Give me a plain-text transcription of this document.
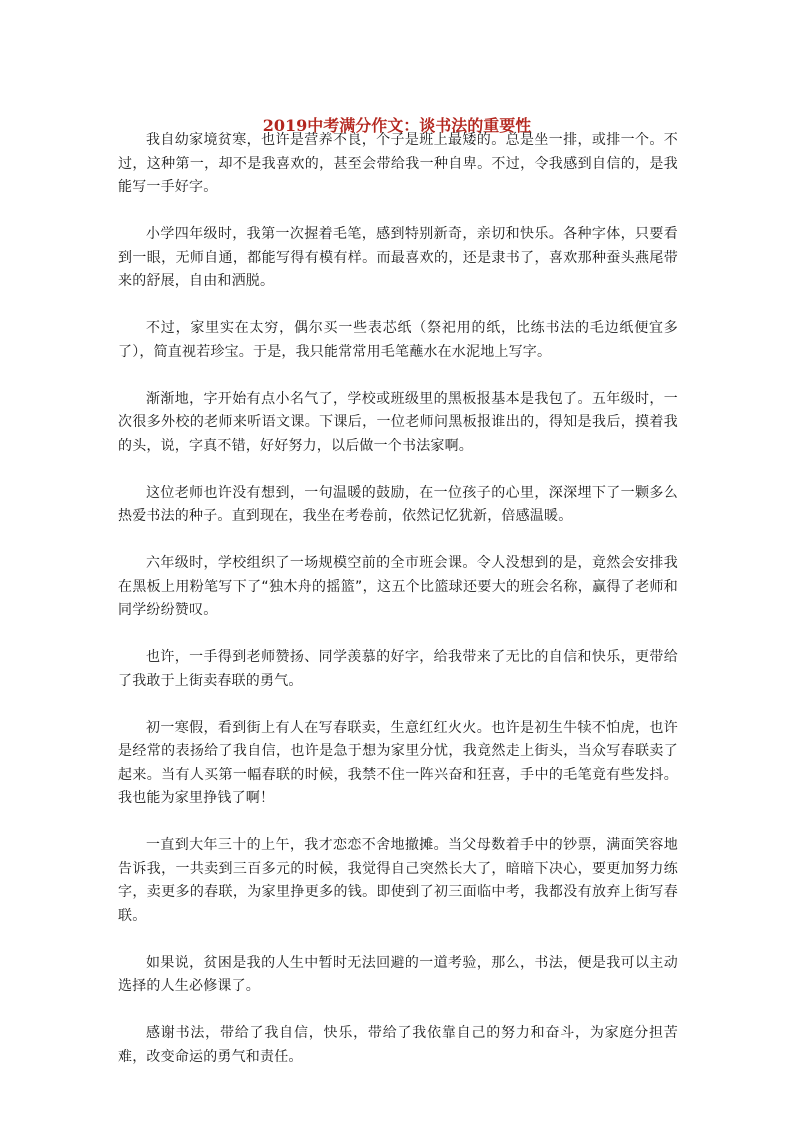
2019中考满分作文：谈书法的重要性

我自幼家境贫寒，也许是营养不良，个子是班上最矮的。总是坐一排，或排一个。不过，这种第一，却不是我喜欢的，甚至会带给我一种自卑。不过，令我感到自信的，是我能写一手好字。

小学四年级时，我第一次握着毛笔，感到特别新奇，亲切和快乐。各种字体，只要看到一眼，无师自通，都能写得有模有样。而最喜欢的，还是隶书了，喜欢那种蚕头燕尾带来的舒展，自由和洒脱。

不过，家里实在太穷，偶尔买一些表芯纸（祭祀用的纸，比练书法的毛边纸便宜多了），简直视若珍宝。于是，我只能常常用毛笔蘸水在水泥地上写字。

渐渐地，字开始有点小名气了，学校或班级里的黑板报基本是我包了。五年级时，一次很多外校的老师来听语文课。下课后，一位老师问黑板报谁出的，得知是我后，摸着我的头，说，字真不错，好好努力，以后做一个书法家啊。

这位老师也许没有想到，一句温暖的鼓励，在一位孩子的心里，深深埋下了一颗多么热爱书法的种子。直到现在，我坐在考卷前，依然记忆犹新，倍感温暖。

六年级时，学校组织了一场规模空前的全市班会课。令人没想到的是，竟然会安排我在黑板上用粉笔写下了“独木舟的摇篮”，这五个比篮球还要大的班会名称，赢得了老师和同学纷纷赞叹。

也许，一手得到老师赞扬、同学羡慕的好字，给我带来了无比的自信和快乐，更带给了我敢于上街卖春联的勇气。

初一寒假，看到街上有人在写春联卖，生意红红火火。也许是初生牛犊不怕虎，也许是经常的表扬给了我自信，也许是急于想为家里分忧，我竟然走上街头，当众写春联卖了起来。当有人买第一幅春联的时候，我禁不住一阵兴奋和狂喜，手中的毛笔竟有些发抖。我也能为家里挣钱了啊！

一直到大年三十的上午，我才恋恋不舍地撤摊。当父母数着手中的钞票，满面笑容地告诉我，一共卖到三百多元的时候，我觉得自己突然长大了，暗暗下决心，要更加努力练字，卖更多的春联，为家里挣更多的钱。即使到了初三面临中考，我都没有放弃上街写春联。

如果说，贫困是我的人生中暂时无法回避的一道考验，那么，书法，便是我可以主动选择的人生必修课了。

感谢书法，带给了我自信，快乐，带给了我依靠自己的努力和奋斗，为家庭分担苦难，改变命运的勇气和责任。
